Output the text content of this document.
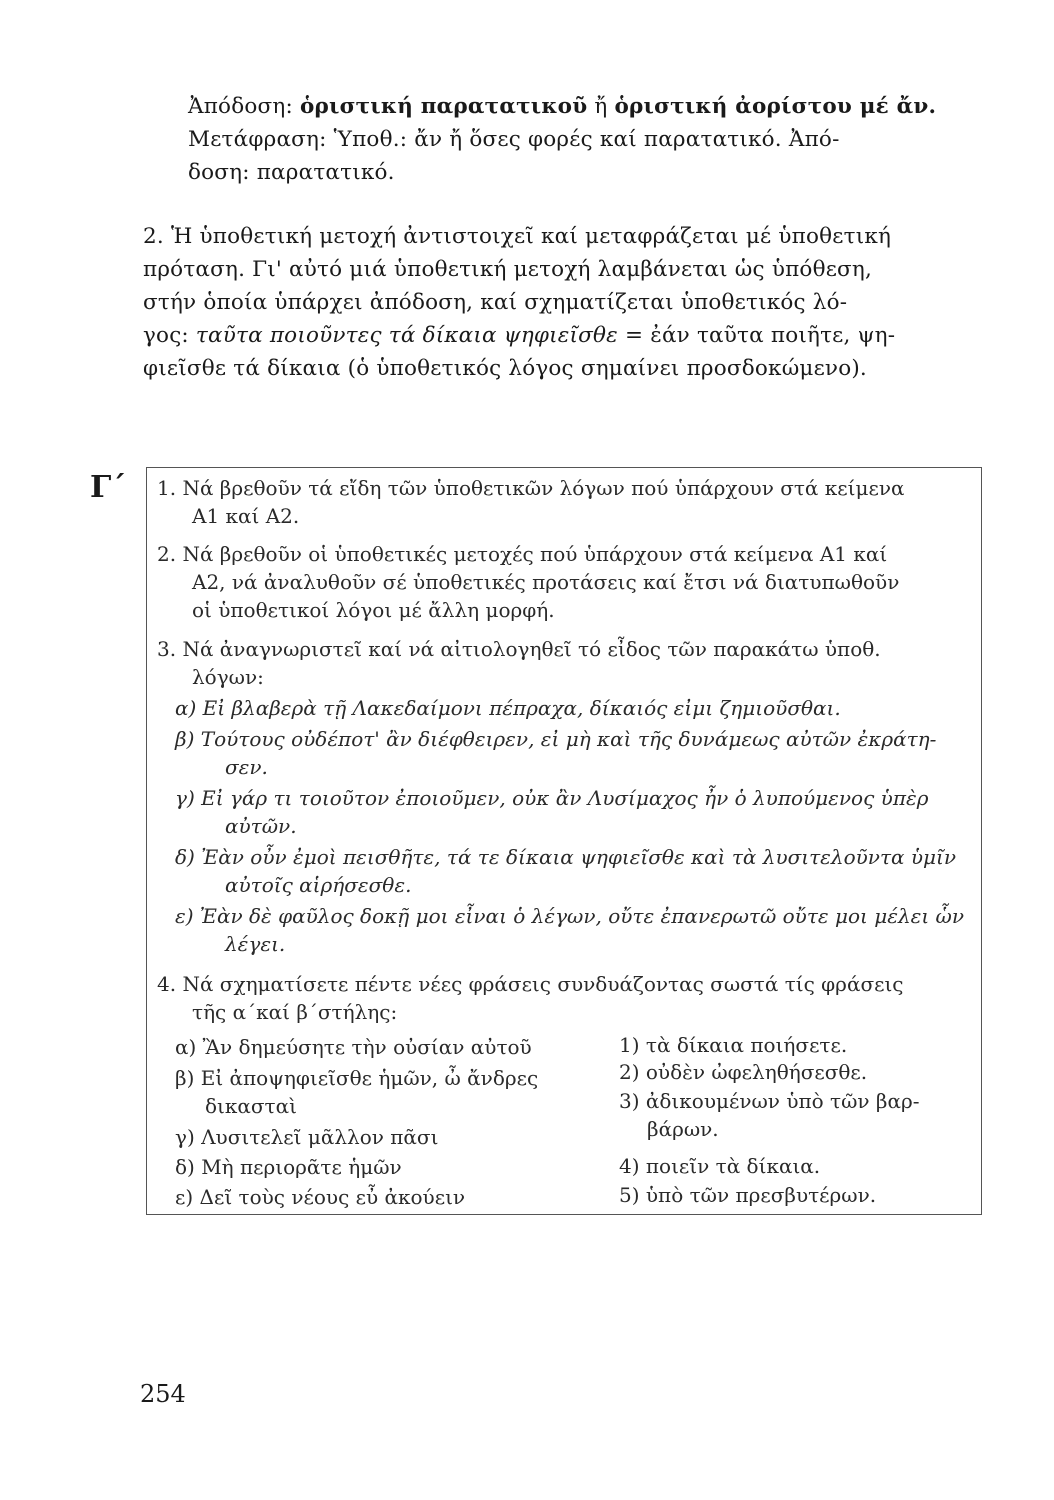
Ἀπόδοση: ὁριστική παρατατικοῦ ἤ ὁριστική ἀορίστου μέ ἄν.
Μετάφραση: Ὑποθ.: ἄν ἤ ὅσες φορές καί παρατατικό. Ἀπό-
δοση: παρατατικό.
2. Ἡ ὑποθετική μετοχή ἀντιστοιχεῖ καί μεταφράζεται μέ ὑποθετική
πρόταση. Γι' αὐτό μιά ὑποθετική μετοχή λαμβάνεται ὡς ὑπόθεση,
στήν ὁποία ὑπάρχει ἀπόδοση, καί σχηματίζεται ὑποθετικός λό-
γος: ταῦτα ποιοῦντες τά δίκαια ψηφιεῖσθε = ἐάν ταῦτα ποιῆτε, ψη-
φιεῖσθε τά δίκαια (ὁ ὑποθετικός λόγος σημαίνει προσδοκώμενο).
Γ΄ 1. Νά βρεθοῦν τά εἴδη τῶν ὑποθετικῶν λόγων πού ὑπάρχουν στά κείμενα
Α1 καί Α2.
2. Νά βρεθοῦν οἱ ὑποθετικές μετοχές πού ὑπάρχουν στά κείμενα Α1 καί
Α2, νά ἀναλυθοῦν σέ ὑποθετικές προτάσεις καί ἔτσι νά διατυπωθοῦν
οἱ ὑποθετικοί λόγοι μέ ἄλλη μορφή.
3. Νά ἀναγνωριστεῖ καί νά αἰτιολογηθεῖ τό εἶδος τῶν παρακάτω ὑποθ.
λόγων:
α) Εἰ βλαβερὰ τῇ Λακεδαίμονι πέπραχα, δίκαιός εἰμι ζημιοῦσθαι.
β) Τούτους οὐδέποτ' ἂν διέφθειρεν, εἰ μὴ καὶ τῆς δυνάμεως αὐτῶν ἐκράτη-
σεν.
γ) Εἰ γάρ τι τοιοῦτον ἐποιοῦμεν, οὐκ ἂν Λυσίμαχος ἦν ὁ λυπούμενος ὑπὲρ
αὐτῶν.
δ) Ἐὰν οὖν ἐμοὶ πεισθῆτε, τά τε δίκαια ψηφιεῖσθε καὶ τὰ λυσιτελοῦντα ὑμῖν
αὐτοῖς αἱρήσεσθε.
ε) Ἐὰν δὲ φαῦλος δοκῇ μοι εἶναι ὁ λέγων, οὔτε ἐπανερωτῶ οὔτε μοι μέλει ὧν
λέγει.
4. Νά σχηματίσετε πέντε νέες φράσεις συνδυάζοντας σωστά τίς φράσεις
τῆς α΄καί β΄στήλης:
α) Ἂν δημεύσητε τὴν οὐσίαν αὐτοῦ
β) Εἰ ἀποψηφιεῖσθε ἡμῶν, ὦ ἄνδρες
δικασταὶ
γ) Λυσιτελεῖ μᾶλλον πᾶσι
δ) Μὴ περιορᾶτε ἡμῶν
ε) Δεῖ τοὺς νέους εὖ ἀκούειν
1) τὰ δίκαια ποιήσετε.
2) οὐδὲν ὠφεληθήσεσθε.
3) ἀδικουμένων ὑπὸ τῶν βαρ-
βάρων.
4) ποιεῖν τὰ δίκαια.
5) ὑπὸ τῶν πρεσβυτέρων.
254
